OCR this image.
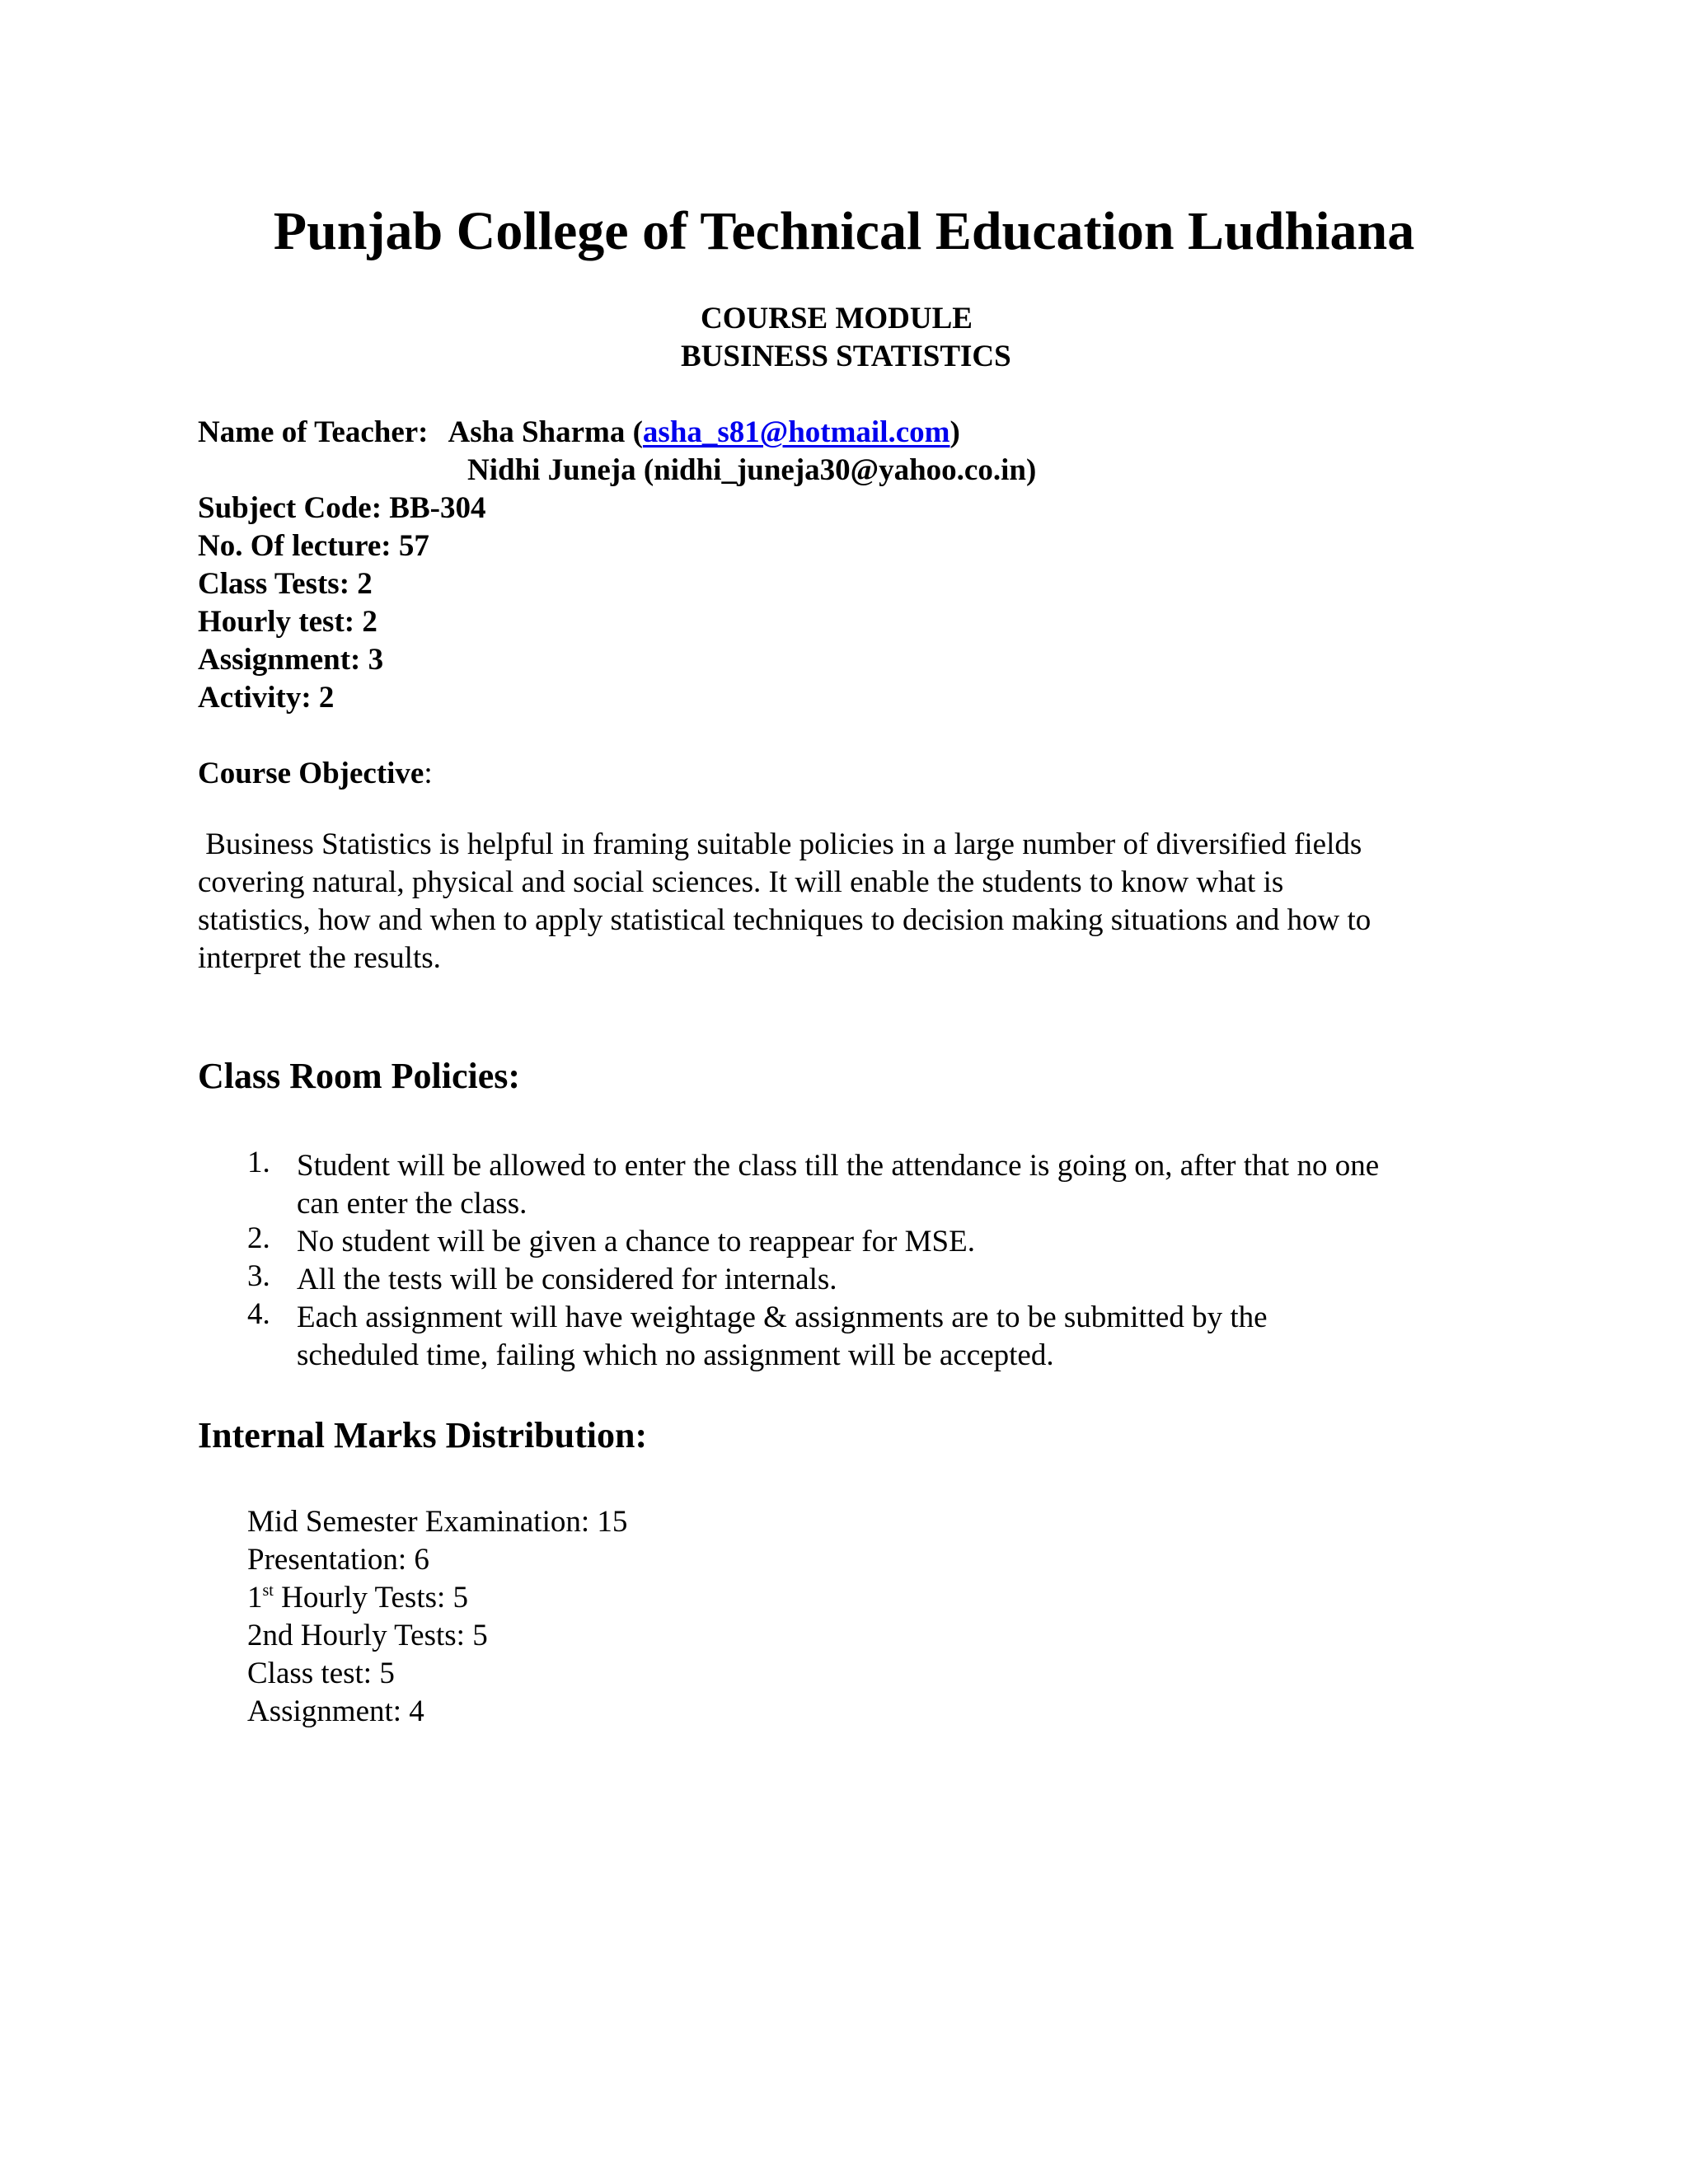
Punjab College of Technical Education Ludhiana
COURSE MODULE
BUSINESS STATISTICS
Name of Teacher: Asha Sharma (asha_s81@hotmail.com)
Nidhi Juneja (nidhi_juneja30@yahoo.co.in)
Subject Code: BB-304
No. Of lecture: 57
Class Tests: 2
Hourly test: 2
Assignment: 3
Activity: 2
Course Objective:
Business Statistics is helpful in framing suitable policies in a large number of diversified fields
covering natural, physical and social sciences. It will enable the students to know what is
statistics, how and when to apply statistical techniques to decision making situations and how to
interpret the results.
Class Room Policies:
1. Student will be allowed to enter the class till the attendance is going on, after that no one
can enter the class.
2. No student will be given a chance to reappear for MSE.
3. All the tests will be considered for internals.
4. Each assignment will have weightage & assignments are to be submitted by the
scheduled time, failing which no assignment will be accepted.
Internal Marks Distribution:
Mid Semester Examination: 15
Presentation: 6
1st Hourly Tests: 5
2nd Hourly Tests: 5
Class test: 5
Assignment: 4
